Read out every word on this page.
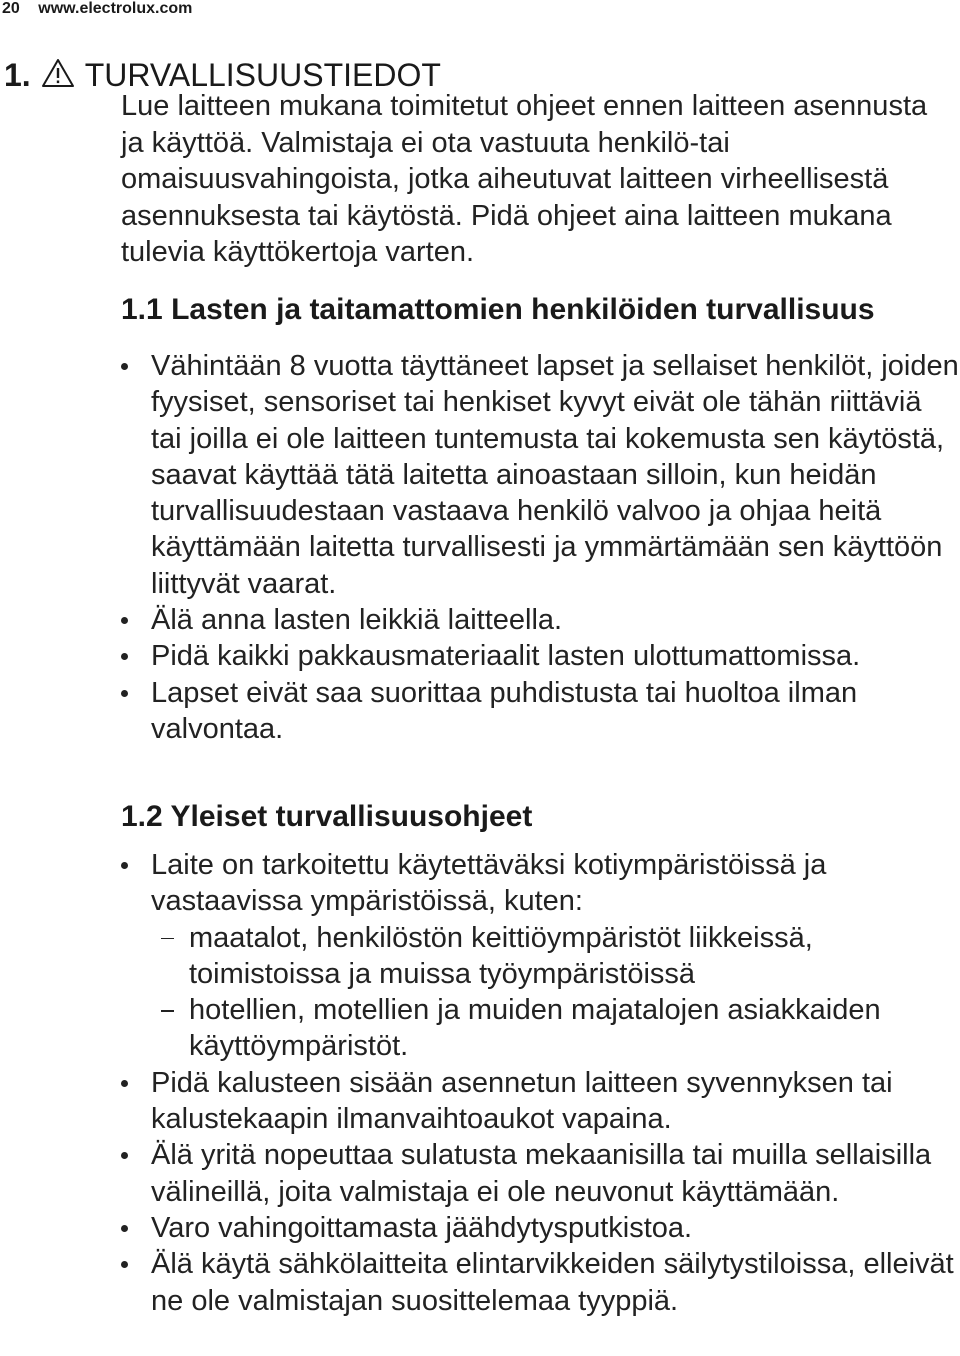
20 www.electrolux.com
1. TURVALLISUUSTIEDOT

Lue laitteen mukana toimitetut ohjeet ennen laitteen asennusta ja käyttöä. Valmistaja ei ota vastuuta henkilö-tai omaisuusvahingoista, jotka aiheutuvat laitteen virheellisestä asennuksesta tai käytöstä. Pidä ohjeet aina laitteen mukana tulevia käyttökertoja varten.

1.1 Lasten ja taitamattomien henkilöiden turvallisuus
Vähintään 8 vuotta täyttäneet lapset ja sellaiset henkilöt, joiden fyysiset, sensoriset tai henkiset kyvyt eivät ole tähän riittäviä tai joilla ei ole laitteen tuntemusta tai kokemusta sen käytöstä, saavat käyttää tätä laitetta ainoastaan silloin, kun heidän turvallisuudestaan vastaava henkilö valvoo ja ohjaa heitä käyttämään laitetta turvallisesti ja ymmärtämään sen käyttöön liittyvät vaarat.
Älä anna lasten leikkiä laitteella.
Pidä kaikki pakkausmateriaalit lasten ulottumattomissa.
Lapset eivät saa suorittaa puhdistusta tai huoltoa ilman valvontaa.
1.2 Yleiset turvallisuusohjeet
Laite on tarkoitettu käytettäväksi kotiympäristöissä ja vastaavissa ympäristöissä, kuten:
maatalot, henkilöstön keittiöympäristöt liikkeissä, toimistoissa ja muissa työympäristöissä
hotellien, motellien ja muiden majatalojen asiakkaiden käyttöympäristöt.
Pidä kalusteen sisään asennetun laitteen syvennyksen tai kalustekaapin ilmanvaihtoaukot vapaina.
Älä yritä nopeuttaa sulatusta mekaanisilla tai muilla sellaisilla välineillä, joita valmistaja ei ole neuvonut käyttämään.
Varo vahingoittamasta jäähdytysputkistoa.
Älä käytä sähkölaitteita elintarvikkeiden säilytystiloissa, elleivät ne ole valmistajan suosittelemaa tyyppiä.
